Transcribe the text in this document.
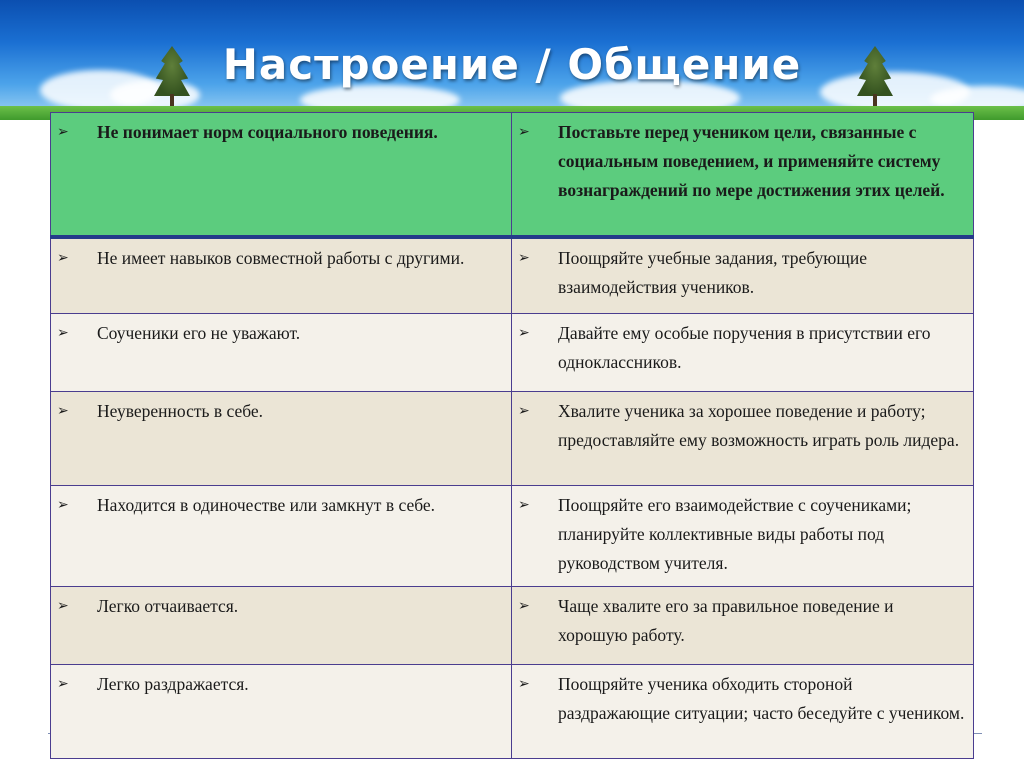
Настроение / Общение
➢ Не понимает норм социального поведения.	➢ Поставьте перед учеником цели, связанные с социальным поведением, и применяйте систему вознаграждений по мере достижения этих целей.

➢ Не имеет навыков совместной работы с другими.	➢ Поощряйте учебные задания, требующие взаимодействия учеников.

➢ Соученики его не уважают.	➢ Давайте ему особые поручения в присутствии его одноклассников.

➢ Неуверенность в себе.	➢ Хвалите ученика за хорошее поведение и работу; предоставляйте ему возможность играть роль лидера.

➢ Находится в одиночестве или замкнут в себе.	➢ Поощряйте его взаимодействие с соучениками; планируйте коллективные виды работы под руководством учителя.

➢ Легко отчаивается.	➢ Чаще хвалите его за правильное поведение и хорошую работу.

➢ Легко раздражается.	➢ Поощряйте ученика обходить стороной раздражающие ситуации; часто беседуйте с учеником.
